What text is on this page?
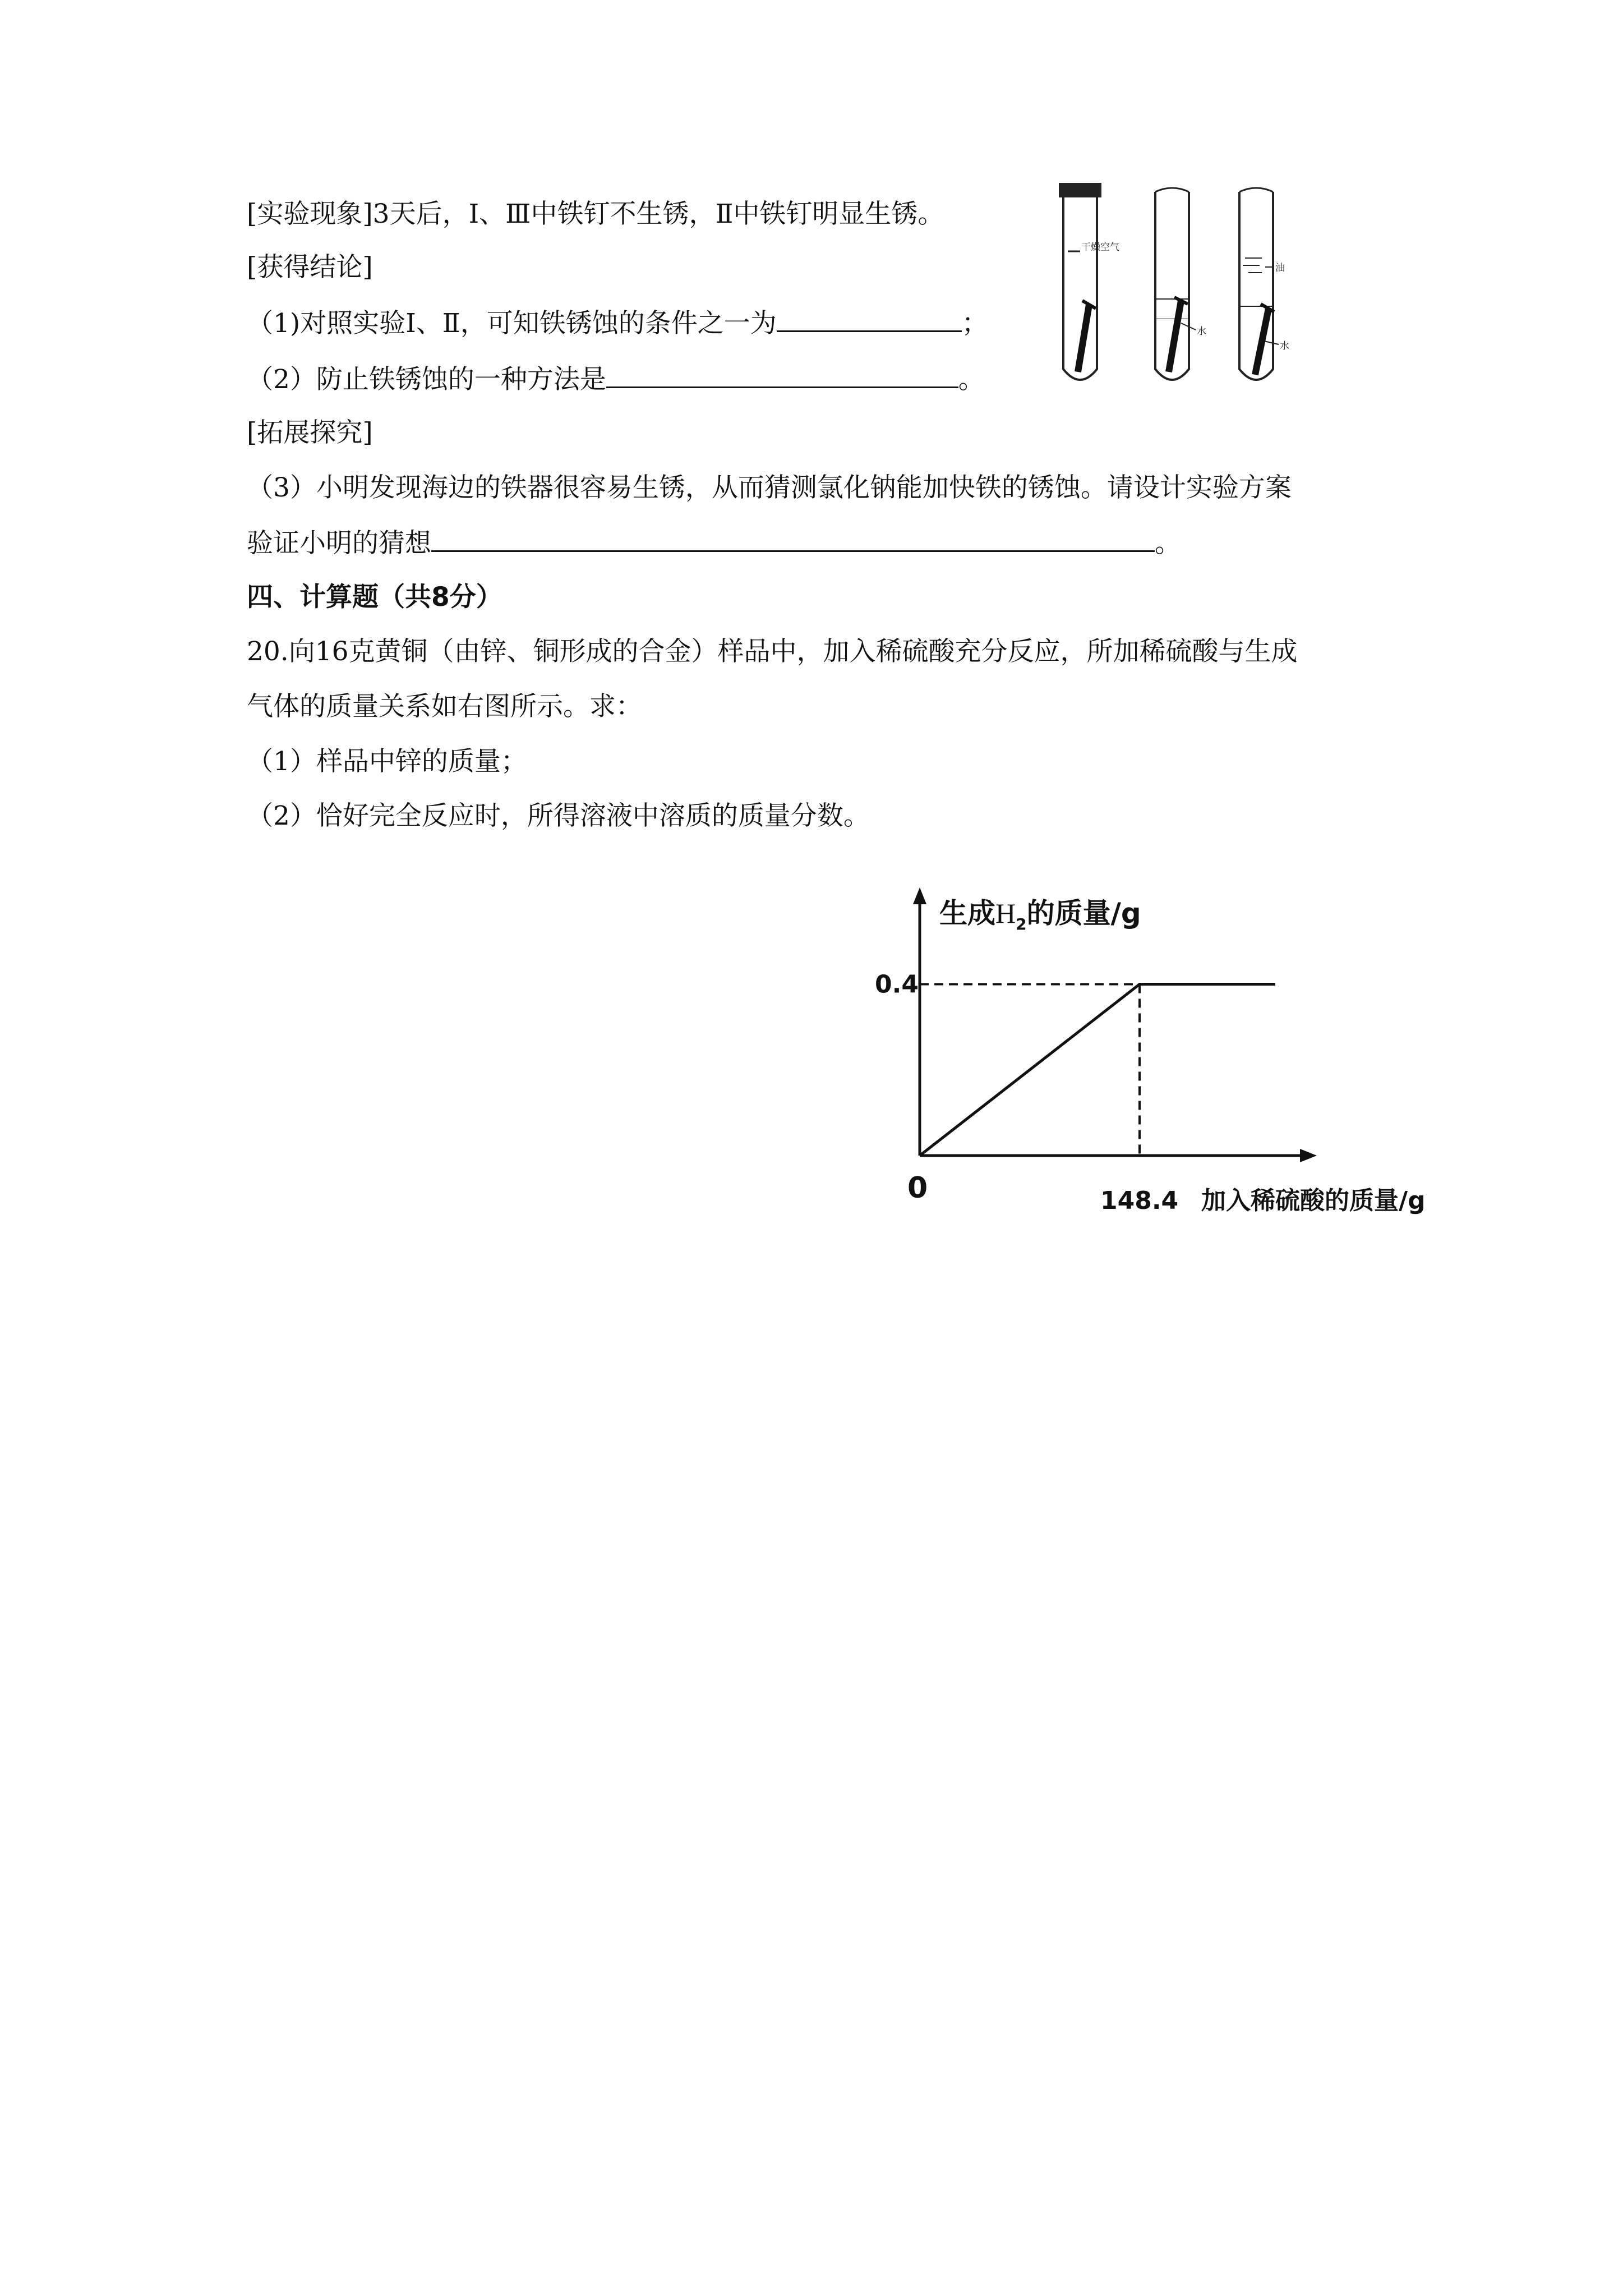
[实验现象]3天后，Ⅰ、Ⅲ中铁钉不生锈，Ⅱ中铁钉明显生锈。
[获得结论]
（1)对照实验Ⅰ、Ⅱ，可知铁锈蚀的条件之一为	；
（2）防止铁锈蚀的一种方法是	。
[拓展探究]
（3）小明发现海边的铁器很容易生锈，从而猜测氯化钠能加快铁的锈蚀。请设计实验方案
验证小明的猜想	。
四、计算题（共8分）
20.向16克黄铜（由锌、铜形成的合金）样品中，加入稀硫酸充分反应，所加稀硫酸与生成
气体的质量关系如右图所示。求：
（1）样品中锌的质量；
（2）恰好完全反应时，所得溶液中溶质的质量分数。
干燥空气
水
油
水
生成$H_2$的质量/g
0.4
0	148.4 加入稀硫酸的质量/g
